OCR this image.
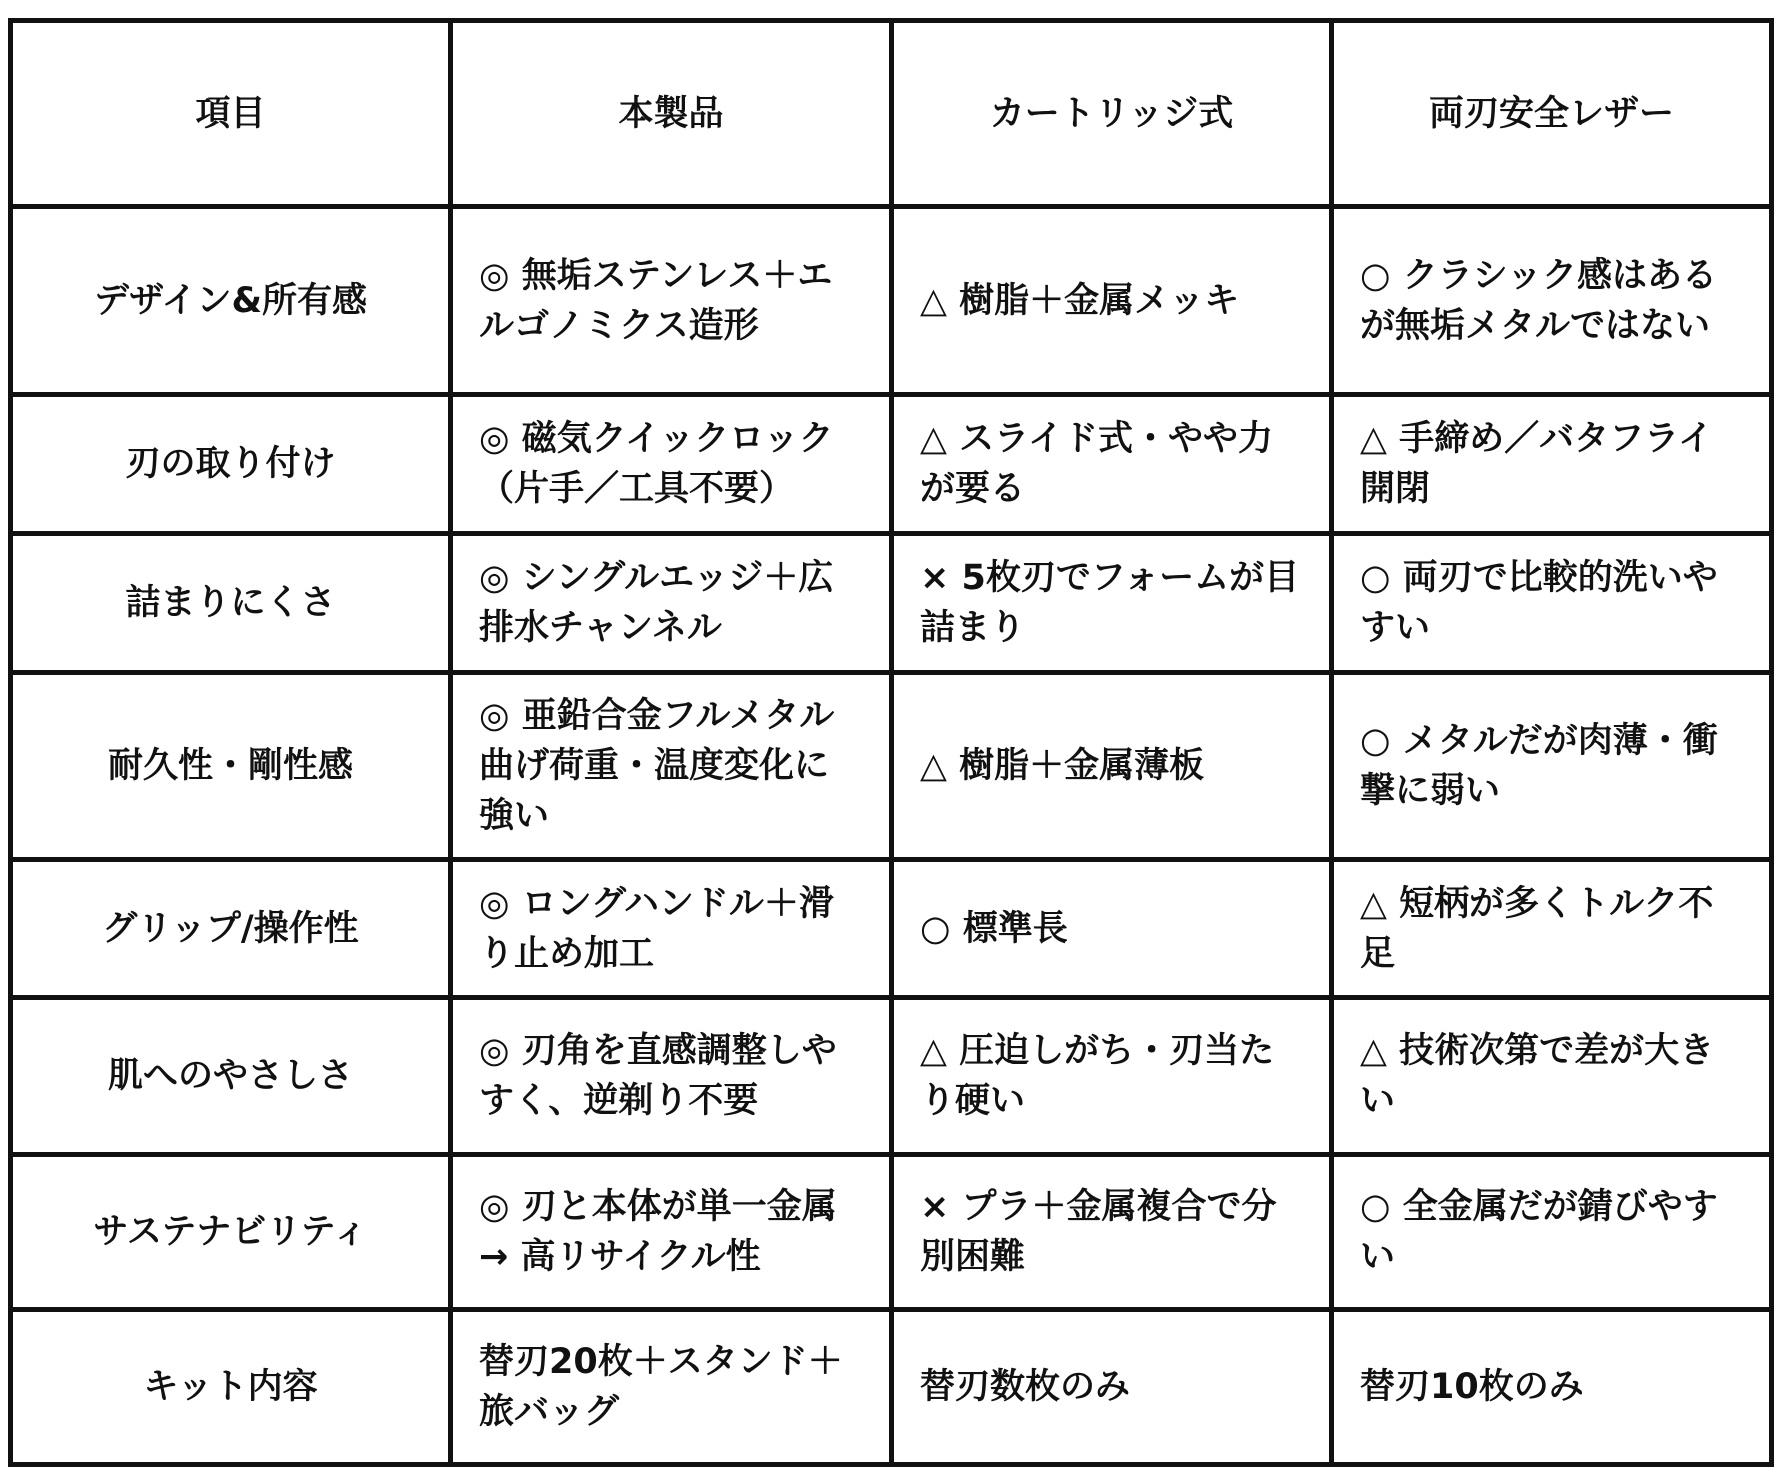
項目	本製品	カートリッジ式	両刃安全レザー
デザイン&所有感	◎ 無垢ステンレス＋エルゴノミクス造形	△ 樹脂＋金属メッキ	○ クラシック感はあるが無垢メタルではない
刃の取り付け	◎ 磁気クイックロック（片手／工具不要）	△ スライド式・やや力が要る	△ 手締め／バタフライ開閉
詰まりにくさ	◎ シングルエッジ＋広排水チャンネル	× 5枚刃でフォームが目詰まり	○ 両刃で比較的洗いやすい
耐久性・剛性感	◎ 亜鉛合金フルメタル曲げ荷重・温度変化に強い	△ 樹脂＋金属薄板	○ メタルだが肉薄・衝撃に弱い
グリップ/操作性	◎ ロングハンドル＋滑り止め加工	○ 標準長	△ 短柄が多くトルク不足
肌へのやさしさ	◎ 刃角を直感調整しやすく、逆剃り不要	△ 圧迫しがち・刃当たり硬い	△ 技術次第で差が大きい
サステナビリティ	◎ 刃と本体が単一金属 → 高リサイクル性	× プラ＋金属複合で分別困難	○ 全金属だが錆びやすい
キット内容	替刃20枚＋スタンド＋旅バッグ	替刃数枚のみ	替刃10枚のみ
